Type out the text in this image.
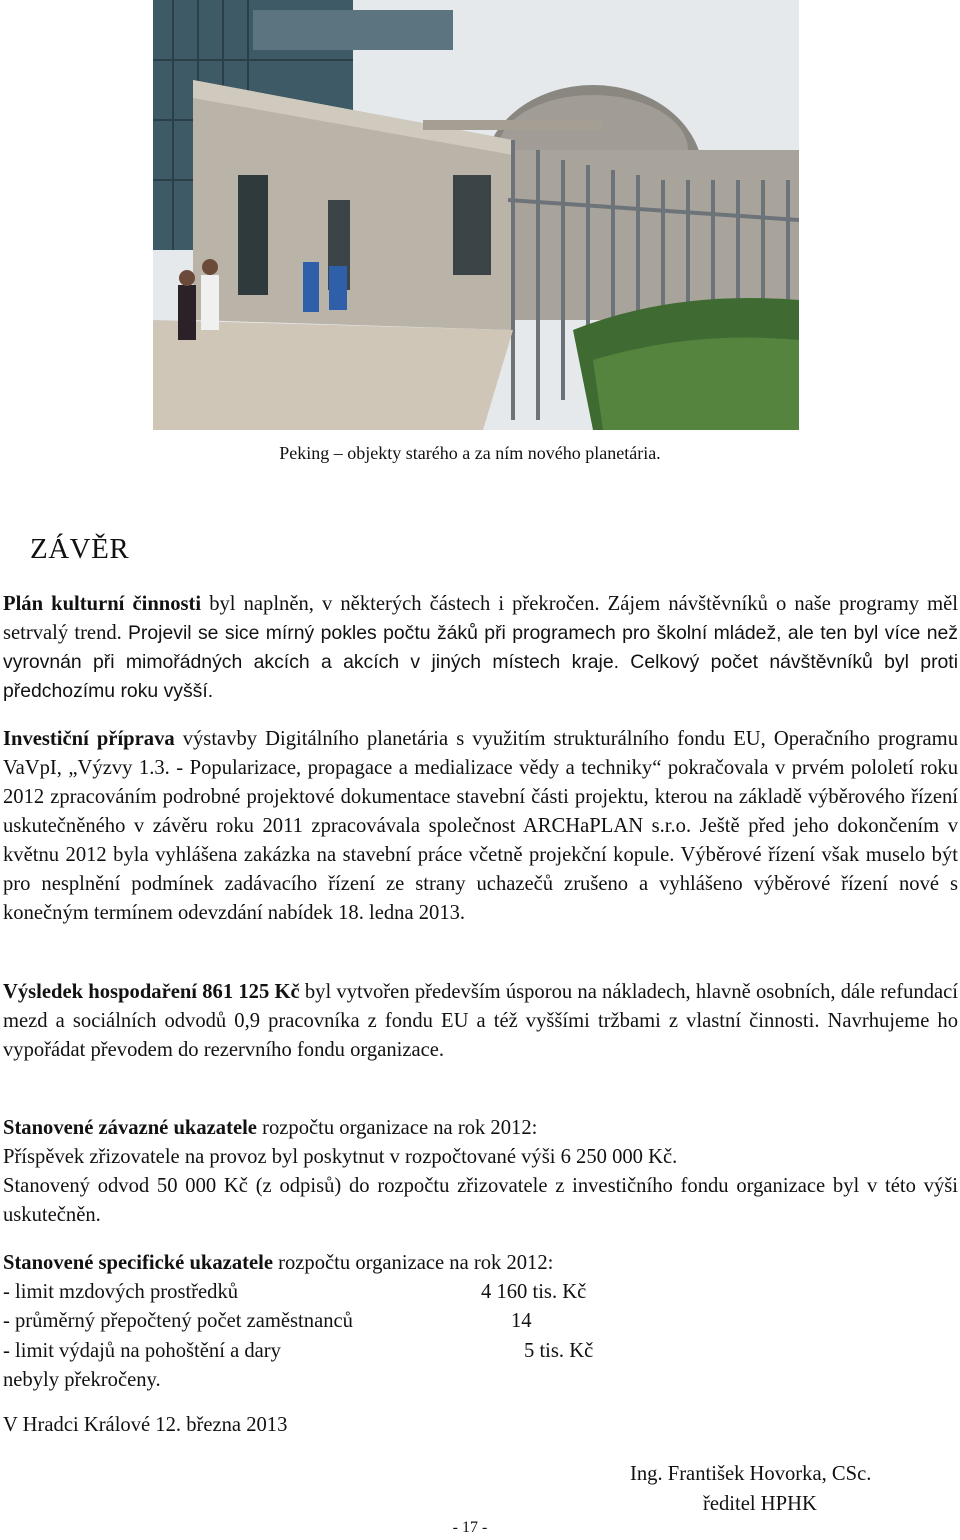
Peking – objekty starého a za ním nového planetária.
ZÁVĚR

Plán kulturní činnosti byl naplněn, v některých částech i překročen. Zájem návštěvníků o naše programy měl setrvalý trend. Projevil se sice mírný pokles počtu žáků při programech pro školní mládež, ale ten byl více než vyrovnán při mimořádných akcích a akcích v jiných místech kraje. Celkový počet návštěvníků byl proti předchozímu roku vyšší.

Investiční příprava výstavby Digitálního planetária s využitím strukturálního fondu EU, Operačního programu VaVpI, „Výzvy 1.3. - Popularizace, propagace a medializace vědy a techniky“ pokračovala v prvém pololetí roku 2012 zpracováním podrobné projektové dokumentace stavební části projektu, kterou na základě výběrového řízení uskutečněného v závěru roku 2011 zpracovávala společnost ARCHaPLAN s.r.o. Ještě před jeho dokončením v květnu 2012 byla vyhlášena zakázka na stavební práce včetně projekční kopule. Výběrové řízení však muselo být pro nesplnění podmínek zadávacího řízení ze strany uchazečů zrušeno a vyhlášeno výběrové řízení nové s konečným termínem odevzdání nabídek 18. ledna 2013.

Výsledek hospodaření 861 125 Kč byl vytvořen především úsporou na nákladech, hlavně osobních, dále refundací mezd a sociálních odvodů 0,9 pracovníka z fondu EU a též vyššími tržbami z vlastní činnosti. Navrhujeme ho vypořádat převodem do rezervního fondu organizace.

Stanovené závazné ukazatele rozpočtu organizace na rok 2012:
Příspěvek zřizovatele na provoz byl poskytnut v rozpočtované výši 6 250 000 Kč.
Stanovený odvod 50 000 Kč (z odpisů) do rozpočtu zřizovatele z investičního fondu organizace byl v této výši uskutečněn.

Stanovené specifické ukazatele rozpočtu organizace na rok 2012:

- limit mzdových prostředků	4 160 tis. Kč
- průměrný přepočtený počet zaměstnanců	14
- limit výdajů na pohoštění a dary	5 tis. Kč
nebyly překročeny.
V Hradci Králové 12. března 2013
Ing. František Hovorka, CSc.
ředitel HPHK
- 17 -
